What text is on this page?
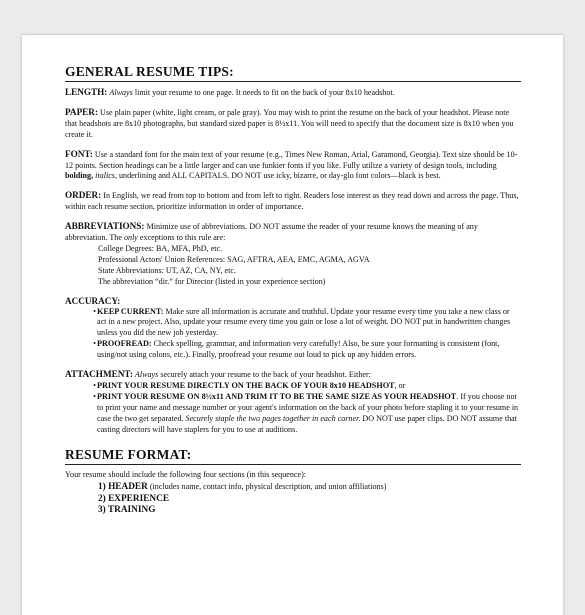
GENERAL RESUME TIPS:

LENGTH: Always limit your resume to one page. It needs to fit on the back of your 8x10 headshot.

PAPER: Use plain paper (white, light cream, or pale gray). You may wish to print the resume on the back of your headshot. Please note that headshots are 8x10 photographs, but standard sized paper is 8½x11. You will need to specify that the document size is 8x10 when you create it.

FONT: Use a standard font for the main text of your resume (e.g., Times New Roman, Arial, Garamond, Georgia). Text size should be 10-12 points. Section headings can be a little larger and can use funkier fonts if you like. Fully utilize a variety of design tools, including bolding, italics, underlining and ALL CAPITALS. DO NOT use icky, bizarre, or day-glo font colors—black is best.

ORDER: In English, we read from top to bottom and from left to right. Readers lose interest as they read down and across the page. Thus, within each resume section, prioritize information in order of importance.

ABBREVIATIONS: Minimize use of abbreviations. DO NOT assume the reader of your resume knows the meaning of any abbreviation. The only exceptions to this rule are:
College Degrees: BA, MFA, PhD, etc.
Professional Actors' Union References: SAG, AFTRA, AEA, EMC, AGMA, AGVA
State Abbreviations: UT, AZ, CA, NY, etc.
The abbreviation “dir.” for Director (listed in your experience section)
ACCURACY:
• KEEP CURRENT: Make sure all information is accurate and truthful. Update your resume every time you take a new class or act in a new project. Also, update your resume every time you gain or lose a lot of weight. DO NOT put in handwritten changes unless you did the new job yesterday.
• PROOFREAD: Check spelling, grammar, and information very carefully! Also, be sure your formatting is consistent (font, using/not using colons, etc.). Finally, proofread your resume out loud to pick up any hidden errors.
ATTACHMENT: Always securely attach your resume to the back of your headshot. Either:
• PRINT YOUR RESUME DIRECTLY ON THE BACK OF YOUR 8x10 HEADSHOT, or
• PRINT YOUR RESUME ON 8½x11 AND TRIM IT TO BE THE SAME SIZE AS YOUR HEADSHOT. If you choose not to print your name and message number or your agent's information on the back of your photo before stapling it to your resume in case the two get separated. Securely staple the two pages together in each corner. DO NOT use paper clips. DO NOT assume that casting directors will have staplers for you to use at auditions.
RESUME FORMAT:
Your resume should include the following four sections (in this sequence):
1) HEADER (includes name, contact info, physical description, and union affiliations)
2) EXPERIENCE
3) TRAINING
